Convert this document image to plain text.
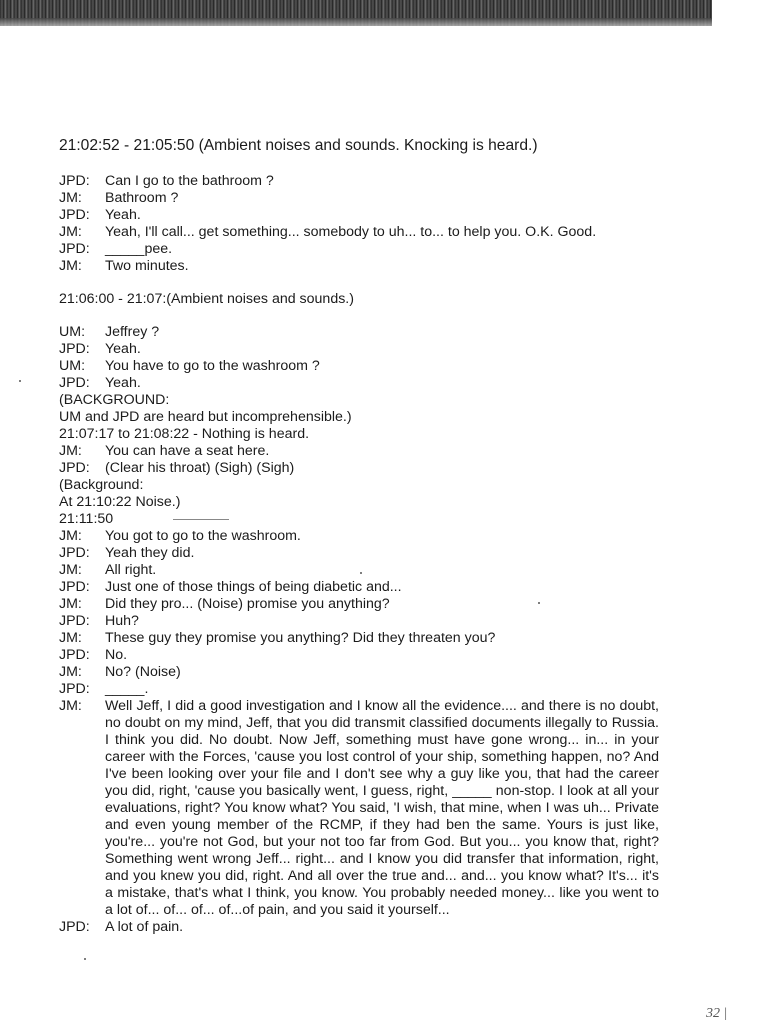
21:02:52 - 21:05:50 (Ambient noises and sounds. Knocking is heard.)
JPD:	Can I go to the bathroom ?
JM:	Bathroom ?
JPD:	Yeah.
JM:	Yeah, I'll call... get something... somebody to uh... to... to help you. O.K. Good.
JPD:	_____pee.
JM:	Two minutes.
21:06:00 - 21:07:(Ambient noises and sounds.)
UM:	Jeffrey ?
JPD:	Yeah.
UM:	You have to go to the washroom ?
JPD:	Yeah.
(BACKGROUND:
UM and JPD are heard but incomprehensible.)
21:07:17 to 21:08:22 - Nothing is heard.
JM:	You can have a seat here.
JPD:	(Clear his throat) (Sigh) (Sigh)
(Background:
At 21:10:22 Noise.)
21:11:50
JM:	You got to go to the washroom.
JPD:	Yeah they did.
JM:	All right.
JPD:	Just one of those things of being diabetic and...
JM:	Did they pro... (Noise) promise you anything?
JPD:	Huh?
JM:	These guy they promise you anything? Did they threaten you?
JPD:	No.
JM:	No? (Noise)
JPD:	_____.
JM:	Well Jeff, I did a good investigation and I know all the evidence.... and there is no doubt, no doubt on my mind, Jeff, that you did transmit classified documents illegally to Russia. I think you did. No doubt. Now Jeff, something must have gone wrong... in... in your career with the Forces, 'cause you lost control of your ship, something happen, no? And I've been looking over your file and I don't see why a guy like you, that had the career you did, right, 'cause you basically went, I guess, right, _____ non-stop. I look at all your evaluations, right? You know what? You said, 'I wish, that mine, when I was uh... Private and even young member of the RCMP, if they had ben the same. Yours is just like, you're... you're not God, but your not too far from God. But you... you know that, right? Something went wrong Jeff... right... and I know you did transfer that information, right, and you knew you did, right. And all over the true and... and... you know what? It's... it's a mistake, that's what I think, you know. You probably needed money... like you went to a lot of... of... of... of...of pain, and you said it yourself...
JPD:	A lot of pain.
32 |
